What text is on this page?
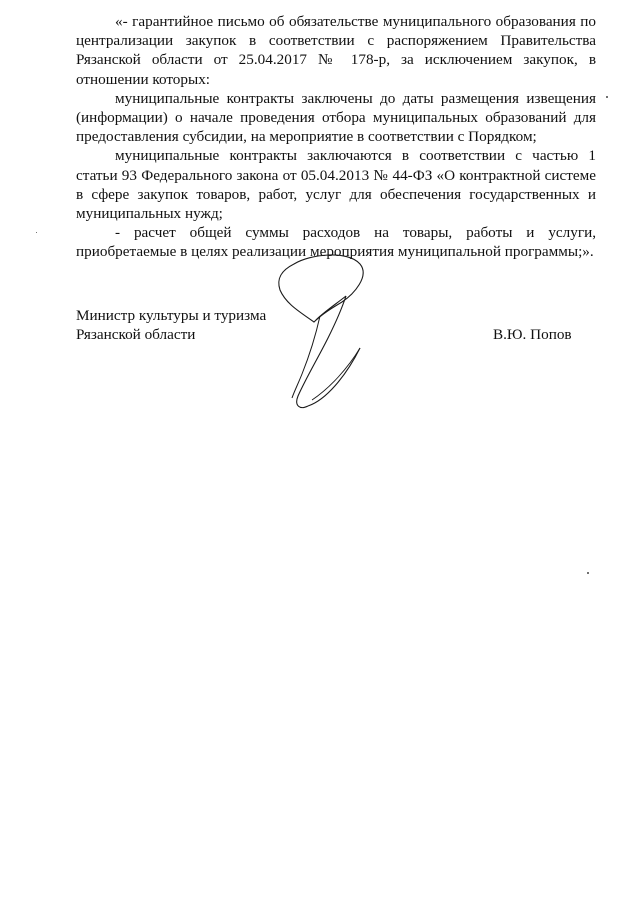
«- гарантийное письмо об обязательстве муниципального образования по централизации закупок в соответствии с распоряжением Правительства Рязанской области от 25.04.2017 № 178-р, за исключением закупок, в отношении которых:

муниципальные контракты заключены до даты размещения извещения (информации) о начале проведения отбора муниципальных образований для предоставления субсидии, на мероприятие в соответствии с Порядком;

муниципальные контракты заключаются в соответствии с частью 1 статьи 93 Федерального закона от 05.04.2013 № 44-ФЗ «О контрактной системе в сфере закупок товаров, работ, услуг для обеспечения государственных и муниципальных нужд;

- расчет общей суммы расходов на товары, работы и услуги, приобретаемые в целях реализации мероприятия муниципальной программы;».

Министр культуры и туризма
Рязанской области	В.Ю. Попов
